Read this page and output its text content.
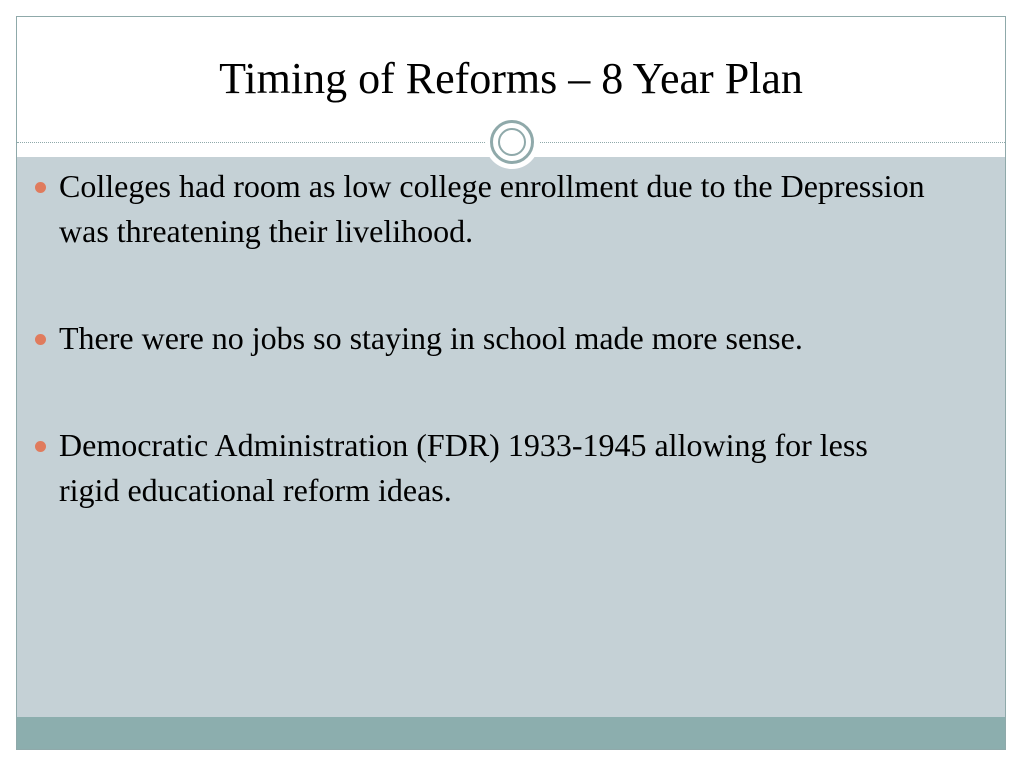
Timing of Reforms – 8 Year Plan
Colleges had room as low college enrollment due to the Depression was threatening their livelihood.
There were no jobs so staying in school made more sense.
Democratic Administration (FDR) 1933-1945 allowing for less rigid educational reform ideas.
